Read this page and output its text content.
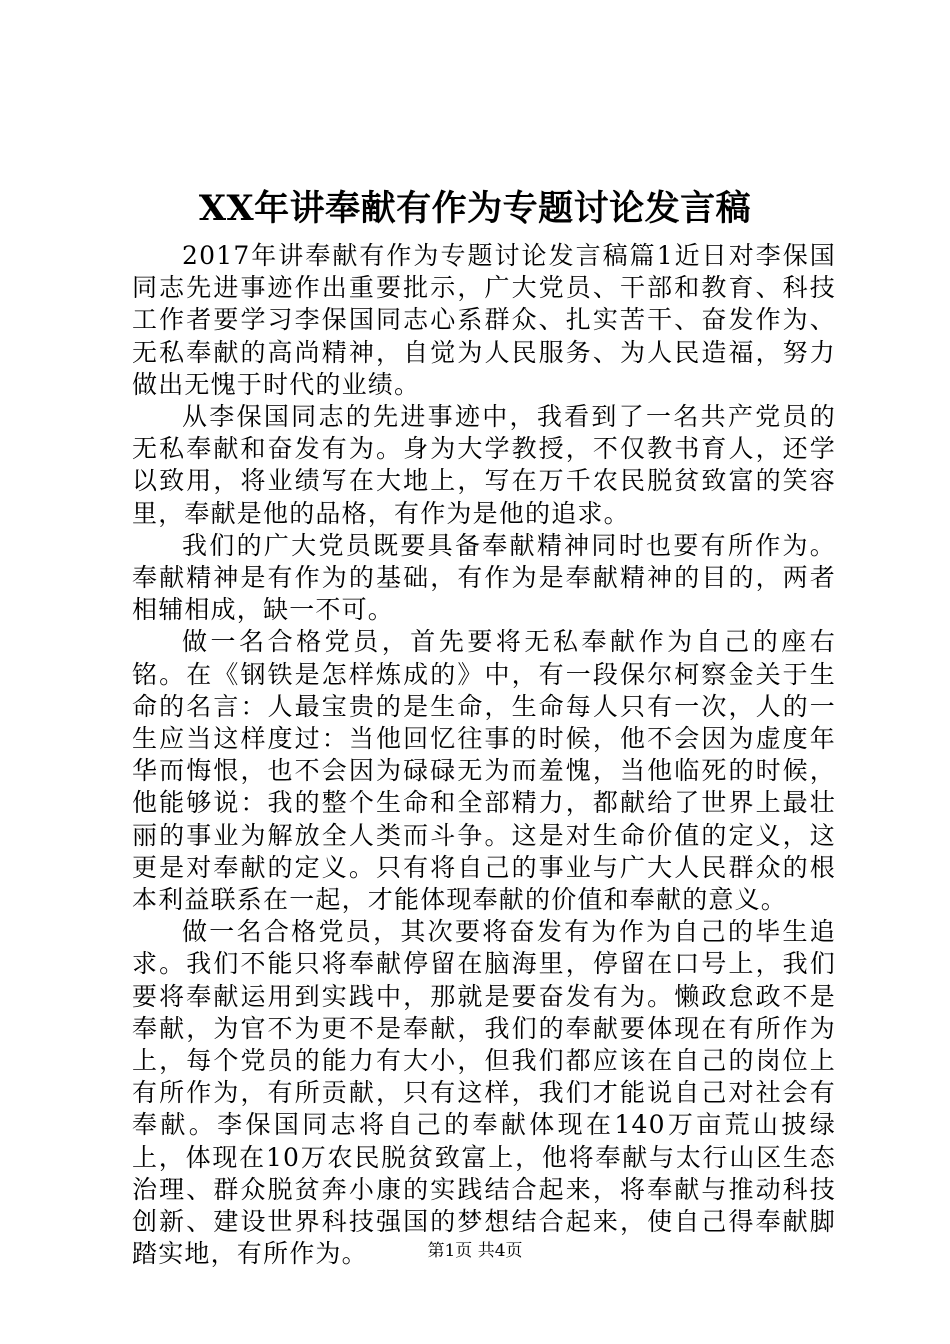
XX年讲奉献有作为专题讨论发言稿

2017年讲奉献有作为专题讨论发言稿篇1近日对李保国同志先进事迹作出重要批示，广大党员、干部和教育、科技工作者要学习李保国同志心系群众、扎实苦干、奋发作为、无私奉献的高尚精神，自觉为人民服务、为人民造福，努力做出无愧于时代的业绩。

从李保国同志的先进事迹中，我看到了一名共产党员的无私奉献和奋发有为。身为大学教授，不仅教书育人，还学以致用，将业绩写在大地上，写在万千农民脱贫致富的笑容里，奉献是他的品格，有作为是他的追求。

我们的广大党员既要具备奉献精神同时也要有所作为。奉献精神是有作为的基础，有作为是奉献精神的目的，两者相辅相成，缺一不可。

做一名合格党员，首先要将无私奉献作为自己的座右铭。在《钢铁是怎样炼成的》中，有一段保尔柯察金关于生命的名言：人最宝贵的是生命，生命每人只有一次，人的一生应当这样度过：当他回忆往事的时候，他不会因为虚度年华而悔恨，也不会因为碌碌无为而羞愧，当他临死的时候，他能够说：我的整个生命和全部精力，都献给了世界上最壮丽的事业为解放全人类而斗争。这是对生命价值的定义，这更是对奉献的定义。只有将自己的事业与广大人民群众的根本利益联系在一起，才能体现奉献的价值和奉献的意义。

做一名合格党员，其次要将奋发有为作为自己的毕生追求。我们不能只将奉献停留在脑海里，停留在口号上，我们要将奉献运用到实践中，那就是要奋发有为。懒政怠政不是奉献，为官不为更不是奉献，我们的奉献要体现在有所作为上，每个党员的能力有大小，但我们都应该在自己的岗位上有所作为，有所贡献，只有这样，我们才能说自己对社会有奉献。李保国同志将自己的奉献体现在140万亩荒山披绿上，体现在10万农民脱贫致富上，他将奉献与太行山区生态治理、群众脱贫奔小康的实践结合起来，将奉献与推动科技创新、建设世界科技强国的梦想结合起来，使自己得奉献脚踏实地，有所作为。	第1页 共4页
